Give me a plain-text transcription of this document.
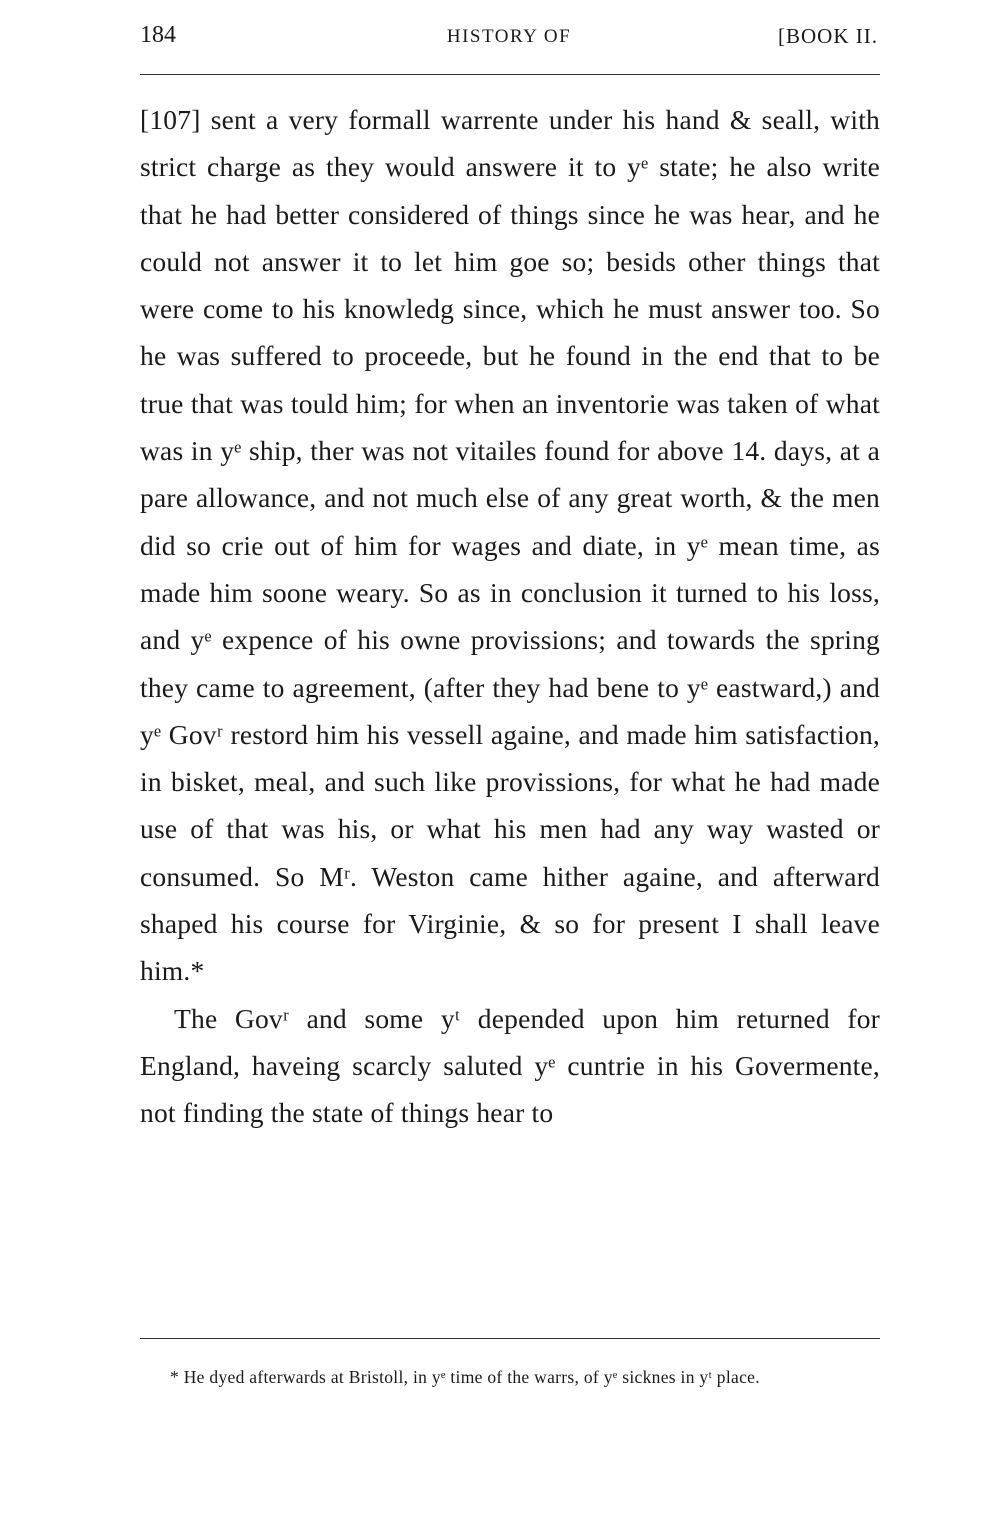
184	HISTORY OF	[BOOK II.

[107] sent a very formall warrente under his hand & seall, with strict charge as they would answere it to yᵉ state; he also write that he had better considered of things since he was hear, and he could not answer it to let him goe so; besids other things that were come to his knowledg since, which he must answer too. So he was suffered to proceede, but he found in the end that to be true that was tould him; for when an inventorie was taken of what was in yᵉ ship, ther was not vitailes found for above 14. days, at a pare allowance, and not much else of any great worth, & the men did so crie out of him for wages and diate, in yᵉ mean time, as made him soone weary. So as in conclusion it turned to his loss, and yᵉ expence of his owne provissions; and towards the spring they came to agreement, (after they had bene to yᵉ eastward,) and yᵉ Govʳ restord him his vessell againe, and made him satisfaction, in bisket, meal, and such like provissions, for what he had made use of that was his, or what his men had any way wasted or consumed. So Mʳ. Weston came hither againe, and afterward shaped his course for Virginie, & so for present I shall leave him.*

The Govʳ and some yᵗ depended upon him returned for England, haveing scarcly saluted yᵉ cuntrie in his Govermente, not finding the state of things hear to

* He dyed afterwards at Bristoll, in yᵉ time of the warrs, of yᵉ sicknes in yᵗ place.
